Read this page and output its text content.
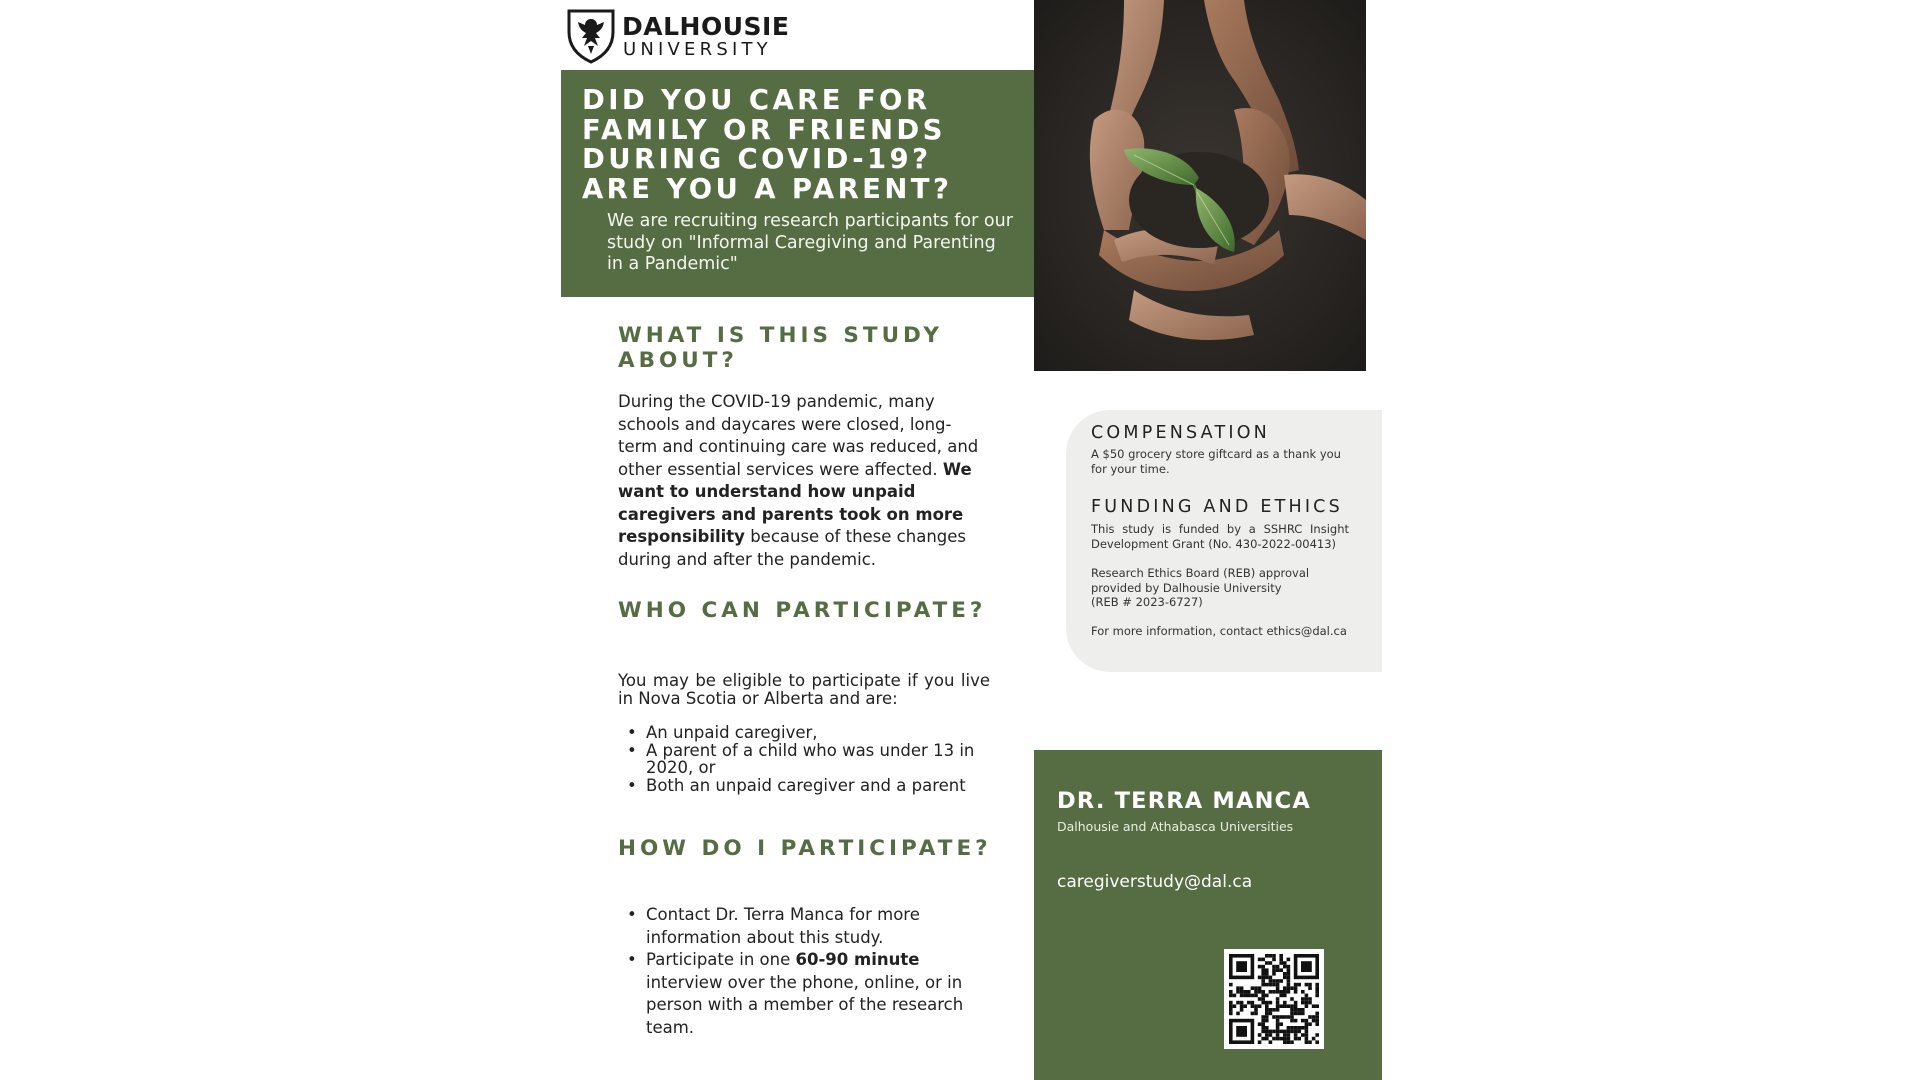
DALHOUSIE
UNIVERSITY
DID YOU CARE FOR
FAMILY OR FRIENDS
DURING COVID-19?
ARE YOU A PARENT?
We are recruiting research participants for our study on "Informal Caregiving and Parenting in a Pandemic"
WHAT IS THIS STUDY ABOUT?
During the COVID-19 pandemic, many schools and daycares were closed, long-term and continuing care was reduced, and other essential services were affected. We want to understand how unpaid caregivers and parents took on more responsibility because of these changes during and after the pandemic.
WHO CAN PARTICIPATE?
You may be eligible to participate if you live in Nova Scotia or Alberta and are:
• An unpaid caregiver,
• A parent of a child who was under 13 in 2020, or
• Both an unpaid caregiver and a parent
HOW DO I PARTICIPATE?
• Contact Dr. Terra Manca for more information about this study.
• Participate in one 60-90 minute interview over the phone, online, or in person with a member of the research team.
COMPENSATION
A $50 grocery store giftcard as a thank you for your time.
FUNDING AND ETHICS
This study is funded by a SSHRC Insight Development Grant (No. 430-2022-00413)
Research Ethics Board (REB) approval
provided by Dalhousie University
(REB # 2023-6727)
For more information, contact ethics@dal.ca
DR. TERRA MANCA
Dalhousie and Athabasca Universities
caregiverstudy@dal.ca
